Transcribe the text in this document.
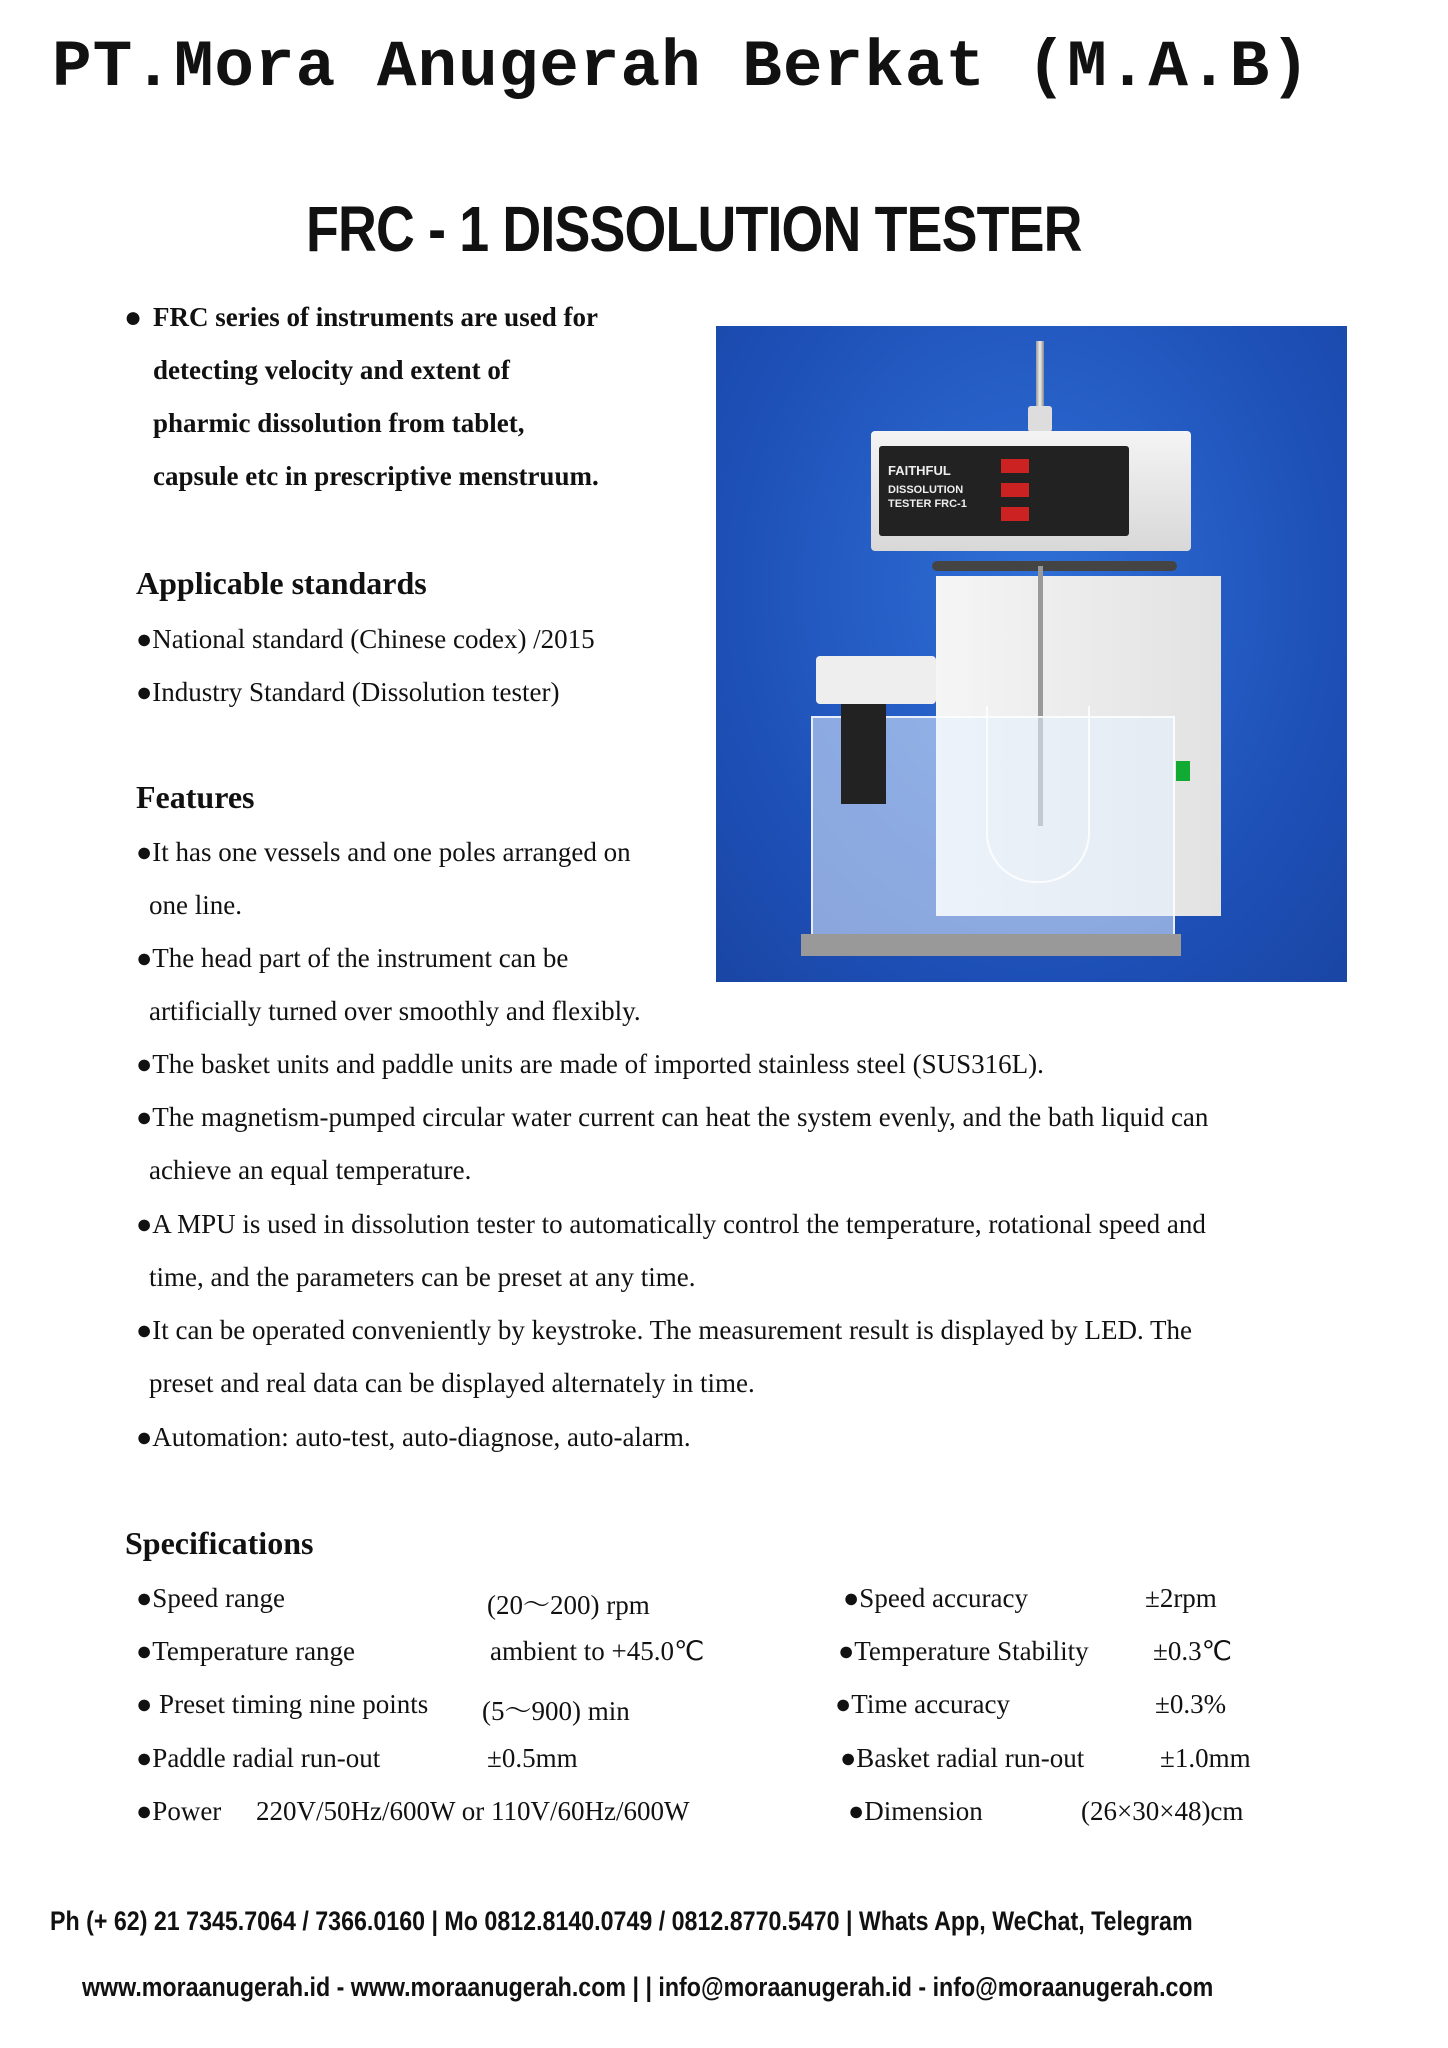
PT.Mora Anugerah Berkat (M.A.B)
FRC - 1 DISSOLUTION TESTER
● FRC series of instruments are used for
detecting velocity and extent of
pharmic dissolution from tablet,
capsule etc in prescriptive menstruum.
Applicable standards
●National standard (Chinese codex) /2015
●Industry Standard (Dissolution tester)
Features
●It has one vessels and one poles arranged on
one line.
●The head part of the instrument can be
artificially turned over smoothly and flexibly.
●The basket units and paddle units are made of imported stainless steel (SUS316L).
●The magnetism-pumped circular water current can heat the system evenly, and the bath liquid can
achieve an equal temperature.
●A MPU is used in dissolution tester to automatically control the temperature, rotational speed and
time, and the parameters can be preset at any time.
●It can be operated conveniently by keystroke. The measurement result is displayed by LED. The
preset and real data can be displayed alternately in time.
●Automation: auto-test, auto-diagnose, auto-alarm.
FAITHFUL
DISSOLUTION
TESTER FRC-1
Specifications
●Speed range	(20～200) rpm	●Speed accuracy	±2rpm
●Temperature range	ambient to +45.0℃	●Temperature Stability ±0.3℃
● Preset timing nine points (5～900) min	●Time accuracy	±0.3%
●Paddle radial run-out	±0.5mm	●Basket radial run-out	±1.0mm
●Power 220V/50Hz/600W or 110V/60Hz/600W	●Dimension	(26×30×48)cm
Ph (+ 62) 21 7345.7064 / 7366.0160 | Mo 0812.8140.0749 / 0812.8770.5470 | Whats App, WeChat, Telegram
www.moraanugerah.id - www.moraanugerah.com | | info@moraanugerah.id - info@moraanugerah.com
